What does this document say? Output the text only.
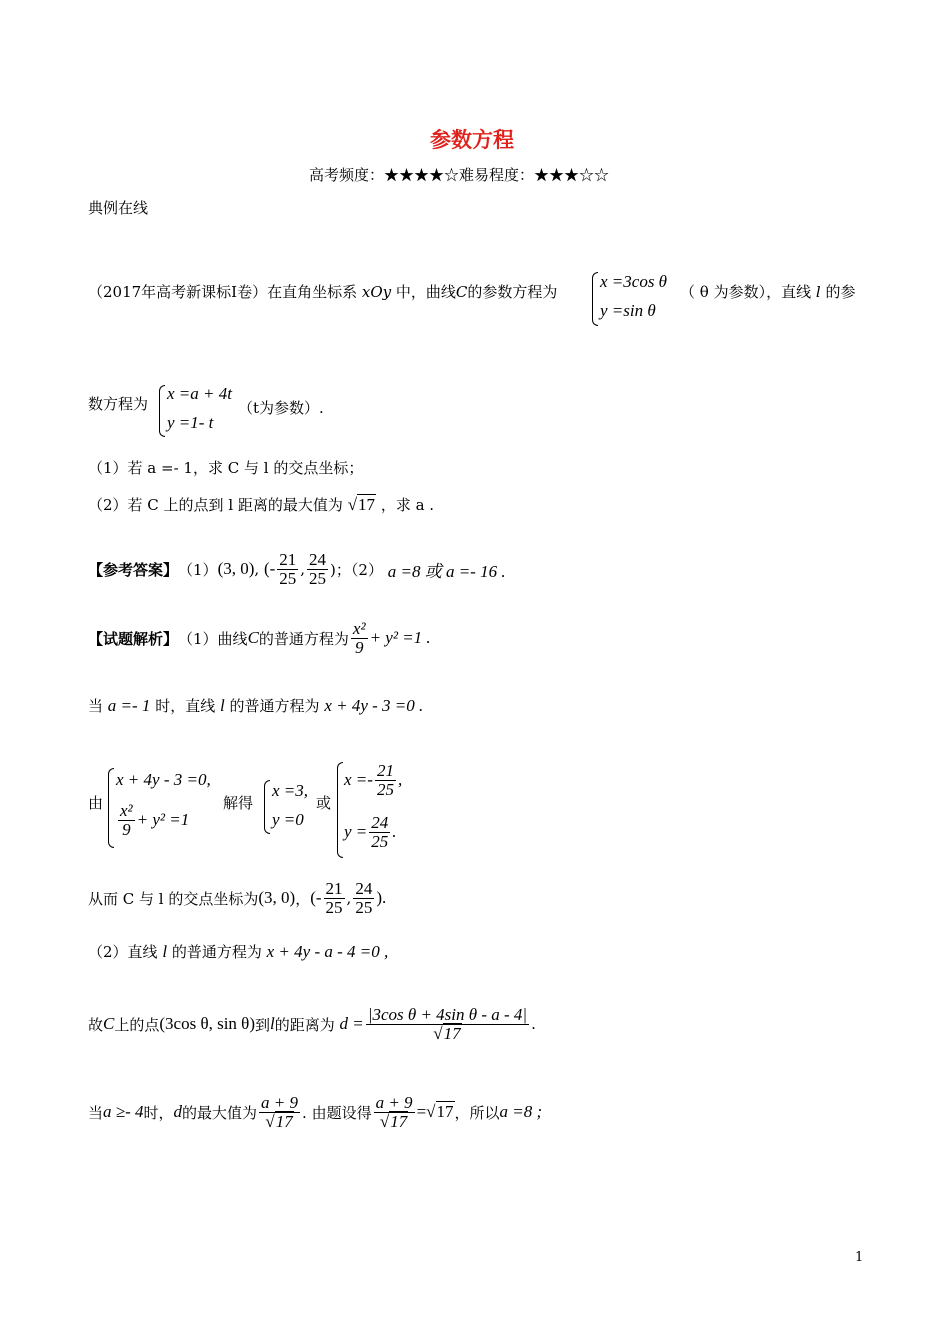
参数方程
高考频度：★★★★☆难易程度：★★★☆☆
典例在线
（2017年高考新课标Ⅰ卷）在直角坐标系 xOy 中，曲线C的参数方程为
x =3cos θ
y =sin θ
（ θ 为参数），直线 l 的参
数方程为
x =a + 4t
y =1- t
（t为参数）.
（1）若 a =- 1，求 C 与 l 的交点坐标；
（2）若 C 上的点到 l 距离的最大值为 √17 ，求 a .
【参考答案】 （1） (3, 0) , (- $\frac{21}{25}$ , $\frac{24}{25}$ )；（2）
a =8 或 a =- 16 .
【试题解析】 （1）曲线 C 的普通方程为 $\frac{\text{x²}}{9} + y^2 =1$ .
当 a =- 1 时，直线 l 的普通方程为 x + 4y - 3 =0 .
由
x + 4y - 3 =0,
$\frac{\text{x²}}{9} + y^2 =1$
解得
x =3,
y =0
或
$x =- \frac{21}{25}$ ,
$y = \frac{24}{25}$ .
从而 C 与 l 的交点坐标为 (3, 0) ， (- $\frac{21}{25}$ , $\frac{24}{25}$ ).
（2）直线 l 的普通方程为 x + 4y - a - 4 =0 ,
故 C 上的点 (3cos θ, sin θ) 到 l 的距离为
$d = \frac{\text{|3cos θ + 4sin θ - a - 4|}}{√17}$ .
当 a ≥- 4 时， d 的最大值为 $\frac{a + 9}{√17}$ . 由题设得 $\frac{a + 9}{√17} = √17$ ，所以 a =8 ;
1
